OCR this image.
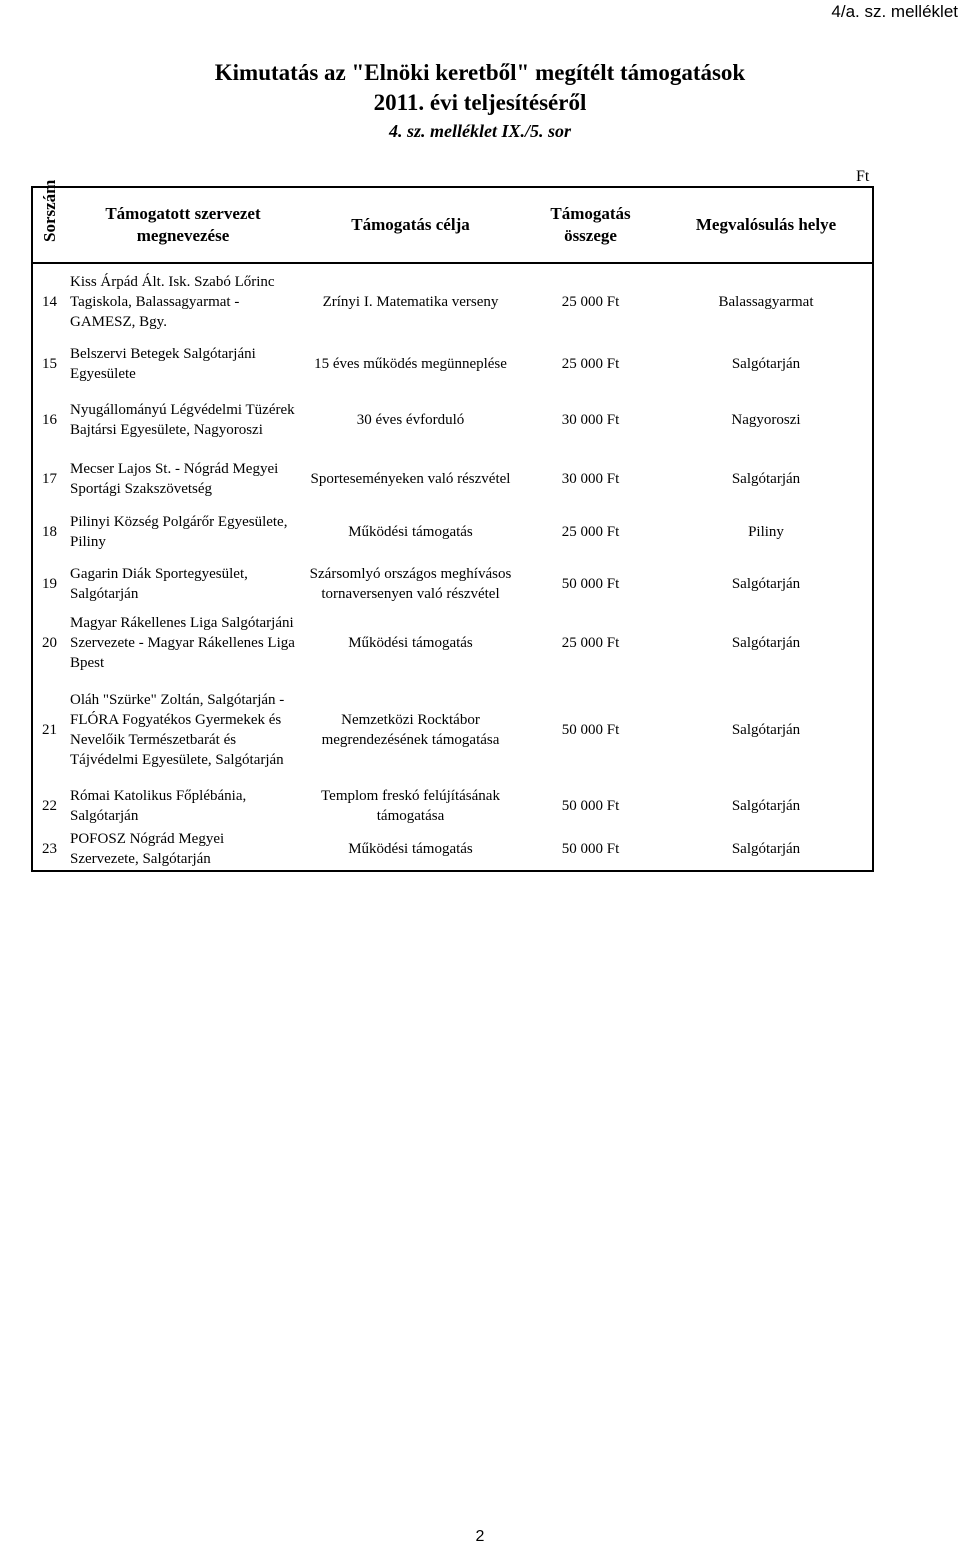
4/a. sz. melléklet
Kimutatás az "Elnöki keretből" megítélt támogatások
2011. évi teljesítéséről
4. sz. melléklet IX./5. sor
Ft
Sorszám	Támogatott szervezet megnevezése	Támogatás célja	Támogatás összege	Megvalósulás helye
14	Kiss Árpád Ált. Isk. Szabó Lőrinc Tagiskola, Balassagyarmat - GAMESZ, Bgy.	Zrínyi I. Matematika verseny	25 000 Ft	Balassagyarmat
15	Belszervi Betegek Salgótarjáni Egyesülete	15 éves működés megünneplése	25 000 Ft	Salgótarján
16	Nyugállományú Légvédelmi Tüzérek Bajtársi Egyesülete, Nagyoroszi	30 éves évforduló	30 000 Ft	Nagyoroszi
17	Mecser Lajos St. - Nógrád Megyei Sportági Szakszövetség	Sporteseményeken való részvétel	30 000 Ft	Salgótarján
18	Pilinyi Község Polgárőr Egyesülete, Piliny	Működési támogatás	25 000 Ft	Piliny
19	Gagarin Diák Sportegyesület, Salgótarján	Szársomlyó országos meghívásos tornaversenyen való részvétel	50 000 Ft	Salgótarján
20	Magyar Rákellenes Liga Salgótarjáni Szervezete - Magyar Rákellenes Liga Bpest	Működési támogatás	25 000 Ft	Salgótarján
21	Oláh "Szürke" Zoltán, Salgótarján - FLÓRA Fogyatékos Gyermekek és Nevelőik Természetbarát és Tájvédelmi Egyesülete, Salgótarján	Nemzetközi Rocktábor megrendezésének támogatása	50 000 Ft	Salgótarján
22	Római Katolikus Főplébánia, Salgótarján	Templom freskó felújításának támogatása	50 000 Ft	Salgótarján
23	POFOSZ Nógrád Megyei Szervezete, Salgótarján	Működési támogatás	50 000 Ft	Salgótarján
2
